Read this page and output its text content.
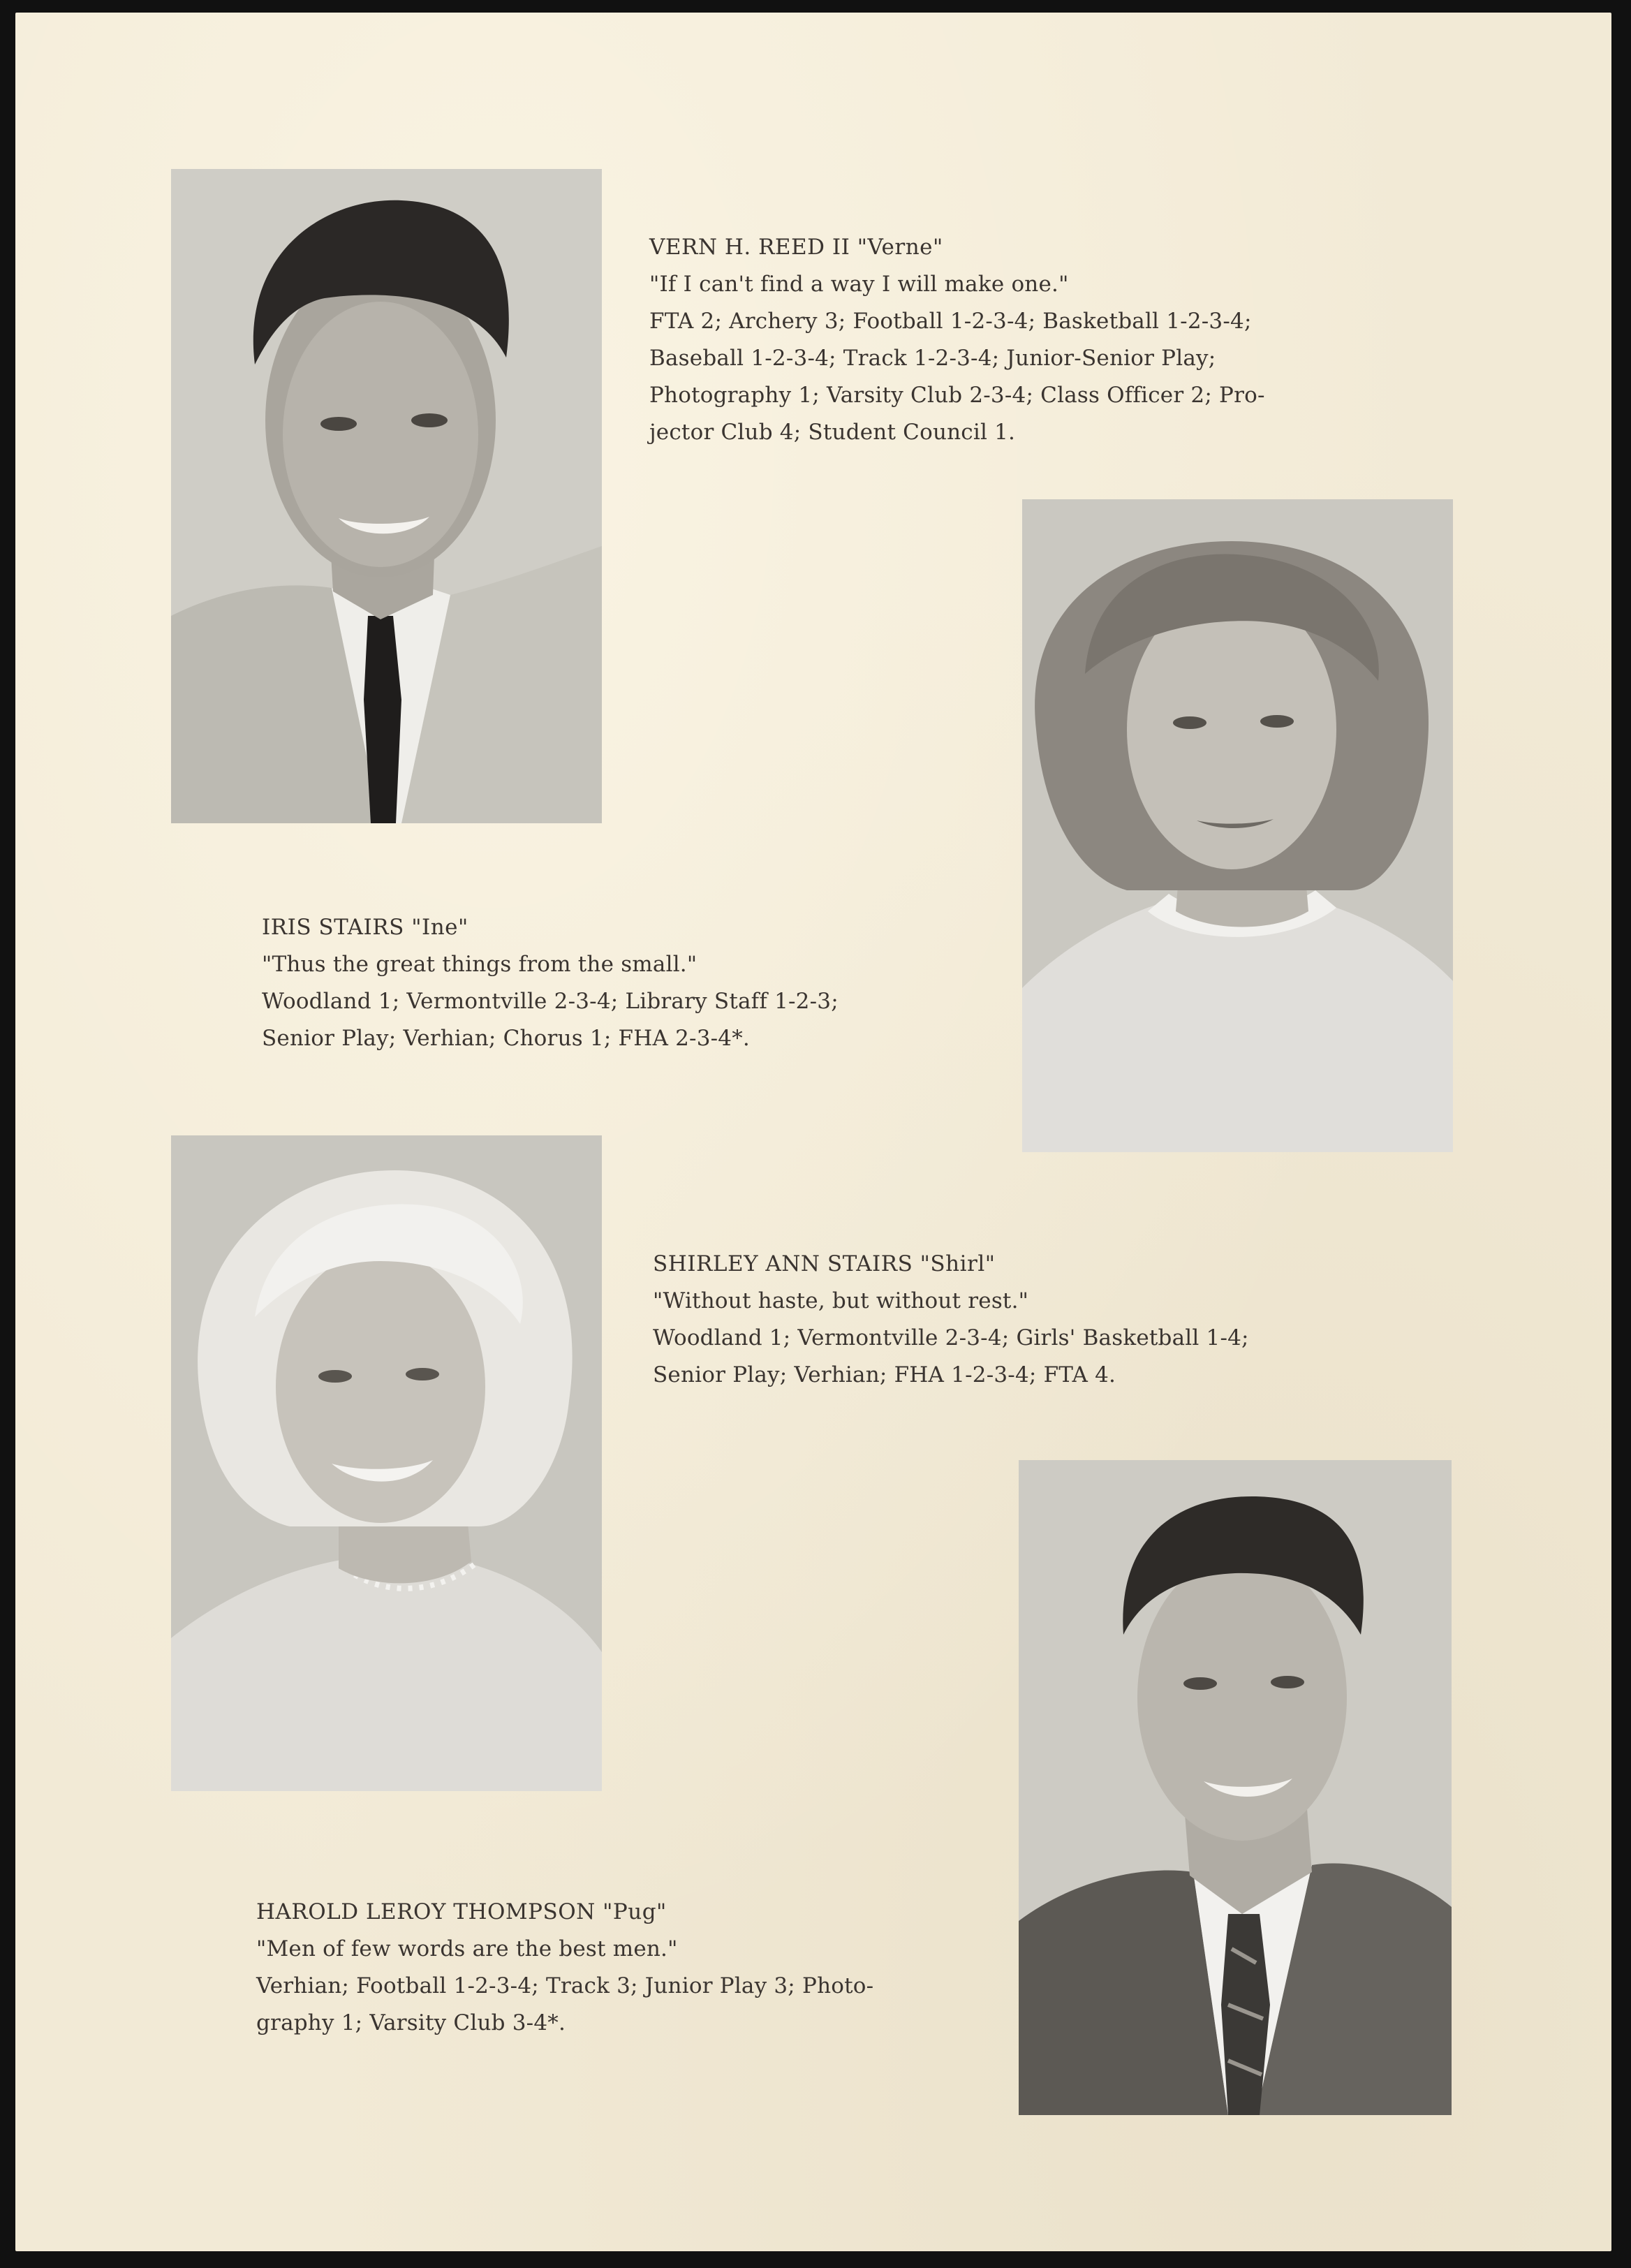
VERN H. REED II "Verne"
"If I can't find a way I will make one."
FTA 2; Archery 3; Football 1-2-3-4; Basketball 1-2-3-4;
Baseball 1-2-3-4; Track 1-2-3-4; Junior-Senior Play;
Photography 1; Varsity Club 2-3-4; Class Officer 2; Pro-
jector Club 4; Student Council 1.
IRIS STAIRS "Ine"
"Thus the great things from the small."
Woodland 1; Vermontville 2-3-4; Library Staff 1-2-3;
Senior Play; Verhian; Chorus 1; FHA 2-3-4*.
SHIRLEY ANN STAIRS "Shirl"
"Without haste, but without rest."
Woodland 1; Vermontville 2-3-4; Girls' Basketball 1-4;
Senior Play; Verhian; FHA 1-2-3-4; FTA 4.
HAROLD LEROY THOMPSON "Pug"
"Men of few words are the best men."
Verhian; Football 1-2-3-4; Track 3; Junior Play 3; Photo-
graphy 1; Varsity Club 3-4*.
